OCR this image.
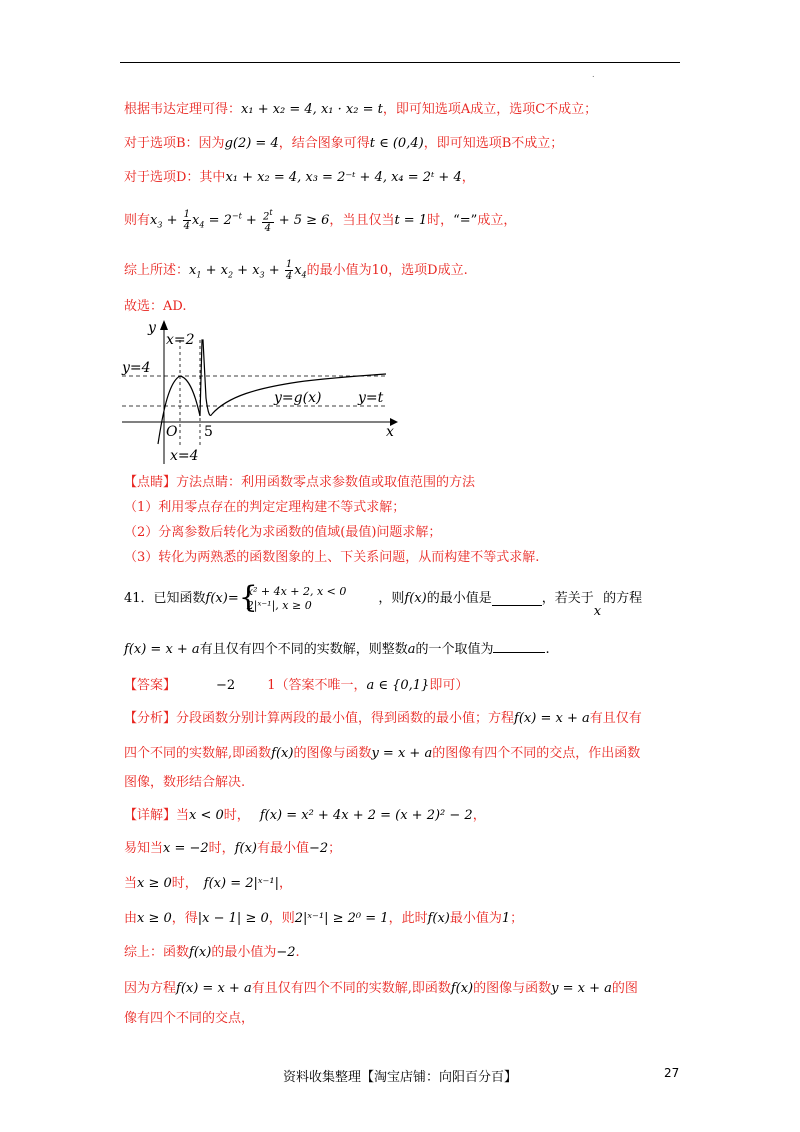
.
根据韦达定理可得：x₁ + x₂ = 4, x₁ · x₂ = t，即可知选项A成立，选项C不成立；
对于选项B：因为g(2) = 4，结合图象可得t ∈ (0,4)，即可知选项B不成立；
对于选项D：其中x₁ + x₂ = 4, x₃ = 2⁻ᵗ + 4, x₄ = 2ᵗ + 4，
则有$x_3 + \frac{1}{4} x_4 = 2^{-t} + \frac{2^t}{4} + 5 \ge 6$，当且仅当t = 1时，“=”成立，
综上所述：$x_1 + x_2 + x_3 + \frac{1}{4} x_4$的最小值为10，选项D成立.
故选：AD.
y
x
x=2
y=4
O 5
y=g(x)	y=t
x=4
【点睛】方法点睛：利用函数零点求参数值或取值范围的方法
（1）利用零点存在的判定定理构建不等式求解；
（2）分离参数后转化为求函数的值域(最值)问题求解；
（3）转化为两熟悉的函数图象的上、下关系问题，从而构建不等式求解.
41．已知函数f(x)= {
x² + 4x + 2, x < 0
2|ˣ⁻¹|, x ≥ 0	，则f(x)的最小值是	，若关于x的方程
f(x) = x + a有且仅有四个不同的实数解，则整数a的一个取值为	.
【答案】	−2 1（答案不唯一，a ∈ {0,1}即可）
【分析】分段函数分别计算两段的最小值，得到函数的最小值；方程f(x) = x + a有且仅有
四个不同的实数解,即函数f(x)的图像与函数y = x + a的图像有四个不同的交点，作出函数
图像，数形结合解决.
【详解】当x < 0时， f(x) = x² + 4x + 2 = (x + 2)² − 2，
易知当x = −2时，f(x)有最小值−2；
当x ≥ 0时， f(x) = 2|ˣ⁻¹|，
由x ≥ 0，得|x − 1| ≥ 0，则2|ˣ⁻¹| ≥ 2⁰ = 1，此时f(x)最小值为1；
综上：函数f(x)的最小值为−2.
因为方程f(x) = x + a有且仅有四个不同的实数解,即函数f(x)的图像与函数y = x + a的图
像有四个不同的交点，
资料收集整理【淘宝店铺：向阳百分百】	27
